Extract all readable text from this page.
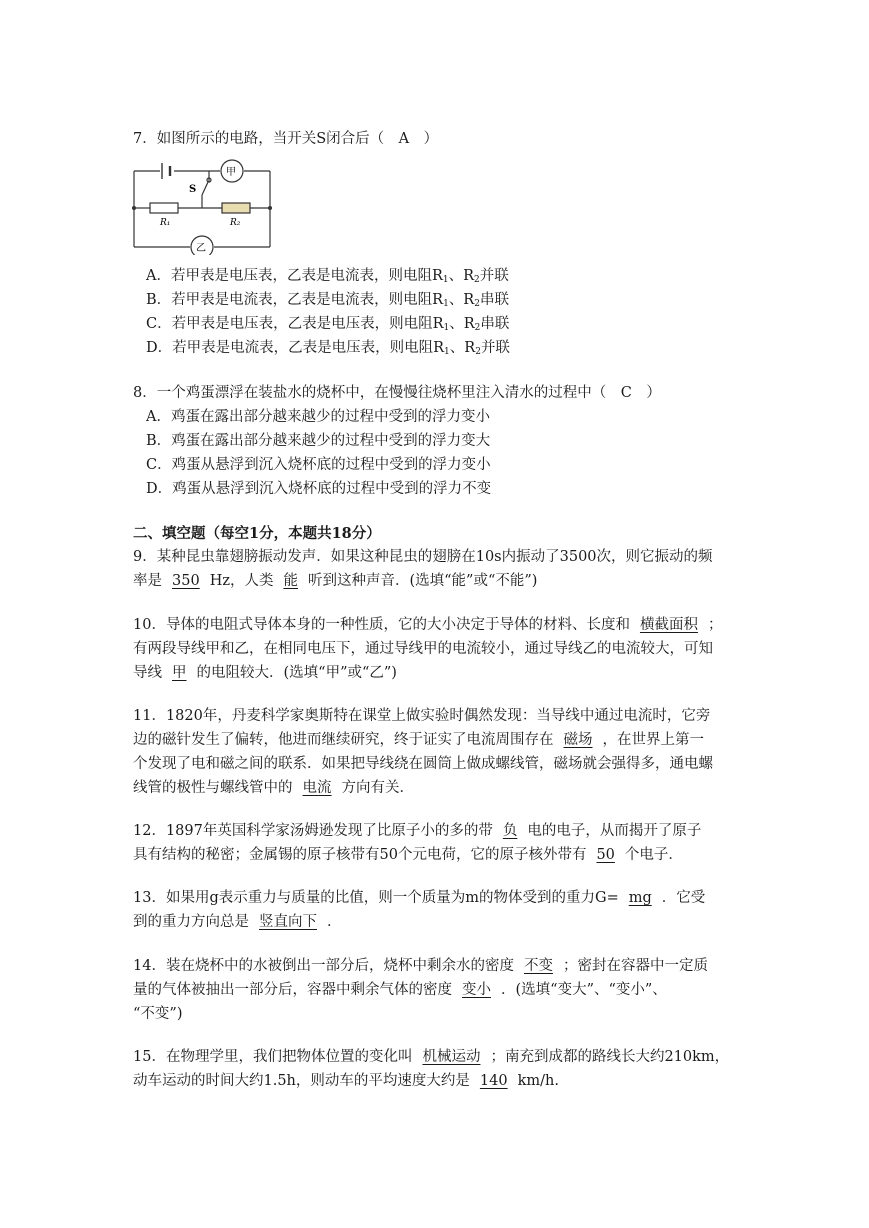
7．如图所示的电路，当开关S闭合后（　A　）
甲
乙
S
R₁	R₂
A．若甲表是电压表，乙表是电流表，则电阻$R_1$、$R_2$并联
B．若甲表是电流表，乙表是电流表，则电阻$R_1$、$R_2$串联
C．若甲表是电压表，乙表是电压表，则电阻$R_1$、$R_2$串联
D．若甲表是电流表，乙表是电压表，则电阻$R_1$、$R_2$并联
8．一个鸡蛋漂浮在装盐水的烧杯中，在慢慢往烧杯里注入清水的过程中（　C　）
A．鸡蛋在露出部分越来越少的过程中受到的浮力变小
B．鸡蛋在露出部分越来越少的过程中受到的浮力变大
C．鸡蛋从悬浮到沉入烧杯底的过程中受到的浮力变小
D．鸡蛋从悬浮到沉入烧杯底的过程中受到的浮力不变
二、填空题（每空1分，本题共18分）
9．某种昆虫靠翅膀振动发声．如果这种昆虫的翅膀在10s内振动了3500次，则它振动的频
率是 350 Hz，人类 能 听到这种声音．(选填“能”或“不能”)
10．导体的电阻式导体本身的一种性质，它的大小决定于导体的材料、长度和 横截面积 ；
有两段导线甲和乙，在相同电压下，通过导线甲的电流较小，通过导线乙的电流较大，可知
导线 甲 的电阻较大．(选填“甲”或“乙”)
11．1820年，丹麦科学家奥斯特在课堂上做实验时偶然发现：当导线中通过电流时，它旁
边的磁针发生了偏转，他进而继续研究，终于证实了电流周围存在 磁场 ，在世界上第一
个发现了电和磁之间的联系．如果把导线绕在圆筒上做成螺线管，磁场就会强得多，通电螺
线管的极性与螺线管中的 电流 方向有关．
12．1897年英国科学家汤姆逊发现了比原子小的多的带 负 电的电子，从而揭开了原子
具有结构的秘密；金属锡的原子核带有50个元电荷，它的原子核外带有 50 个电子．
13．如果用g表示重力与质量的比值，则一个质量为m的物体受到的重力G= mg ．它受
到的重力方向总是 竖直向下 ．
14．装在烧杯中的水被倒出一部分后，烧杯中剩余水的密度 不变 ；密封在容器中一定质
量的气体被抽出一部分后，容器中剩余气体的密度 变小 ．(选填“变大”、“变小”、
“不变”)
15．在物理学里，我们把物体位置的变化叫 机械运动 ；南充到成都的路线长大约210km，
动车运动的时间大约1.5h，则动车的平均速度大约是 140 km/h.
